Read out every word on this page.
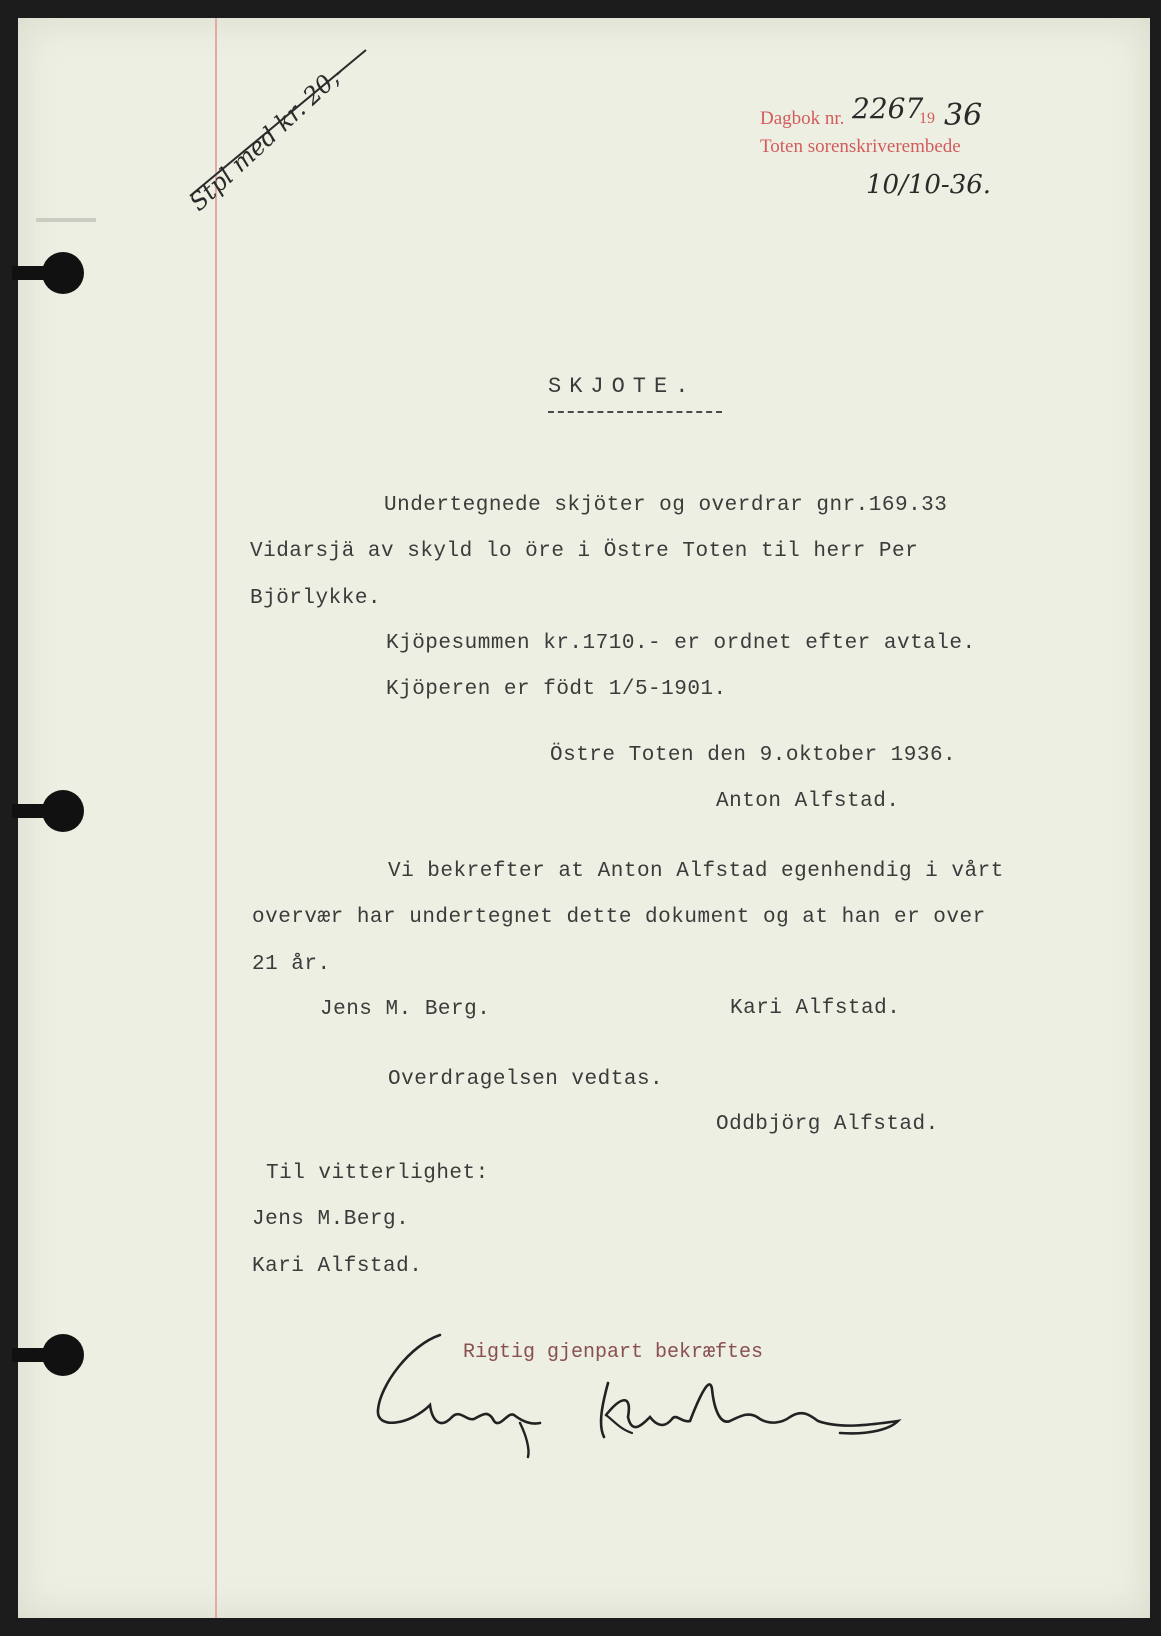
Stpl med kr. 20,-	Dagbok nr. 2267
19 36
Toten sorenskriverembede
10/10-36.
SKJOTE.
Undertegnede skjöter og overdrar gnr.169.33
Vidarsjä av skyld lo öre i Östre Toten til herr Per
Björlykke.
Kjöpesummen kr.1710.- er ordnet efter avtale.
Kjöperen er födt 1/5-1901.
Östre Toten den 9.oktober 1936.
Anton Alfstad.
Vi bekrefter at Anton Alfstad egenhendig i vårt
overvær har undertegnet dette dokument og at han er over
21 år.
Jens M. Berg.	Kari Alfstad.
Overdragelsen vedtas.
Oddbjörg Alfstad.
Til vitterlighet:
Jens M.Berg.
Kari Alfstad.
Rigtig gjenpart bekræftes
